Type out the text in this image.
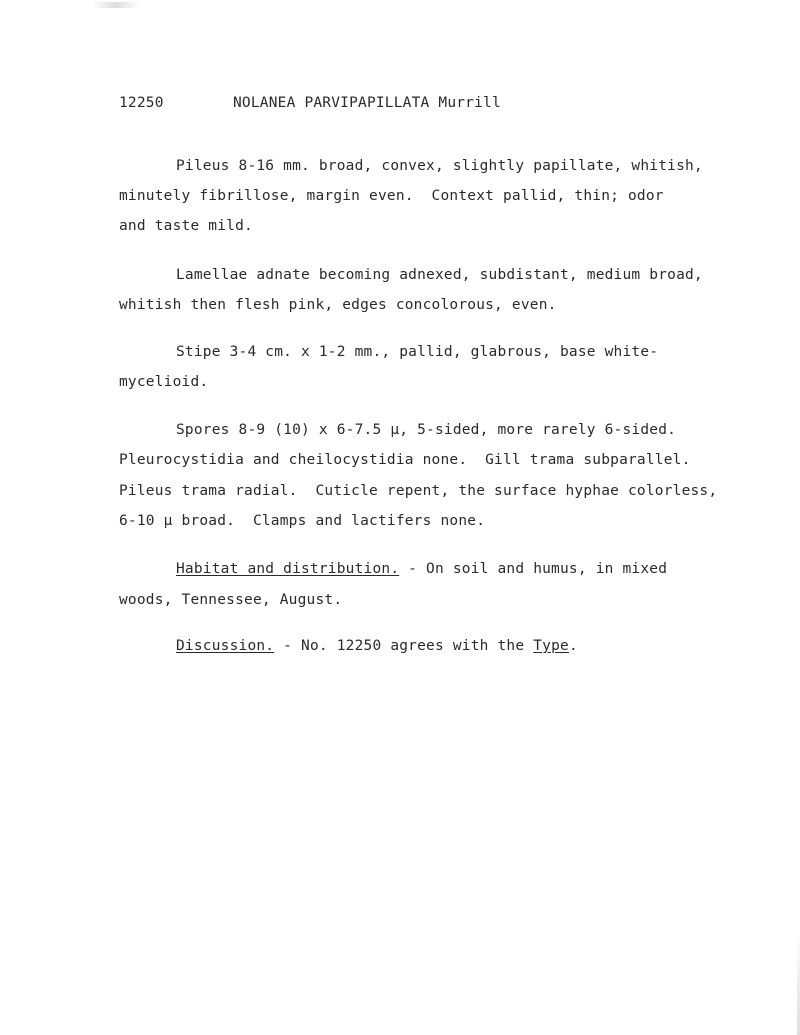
12250	NOLANEA PARVIPAPILLATA Murrill
Pileus 8-16 mm. broad, convex, slightly papillate, whitish,
minutely fibrillose, margin even.  Context pallid, thin; odor
and taste mild.
Lamellae adnate becoming adnexed, subdistant, medium broad,
whitish then flesh pink, edges concolorous, even.
Stipe 3-4 cm. x 1-2 mm., pallid, glabrous, base white-
mycelioid.
Spores 8-9 (10) x 6-7.5 µ, 5-sided, more rarely 6-sided.
Pleurocystidia and cheilocystidia none.  Gill trama subparallel.
Pileus trama radial.  Cuticle repent, the surface hyphae colorless,
6-10 µ broad.  Clamps and lactifers none.
Habitat and distribution. - On soil and humus, in mixed
woods, Tennessee, August.
Discussion. - No. 12250 agrees with the Type.
